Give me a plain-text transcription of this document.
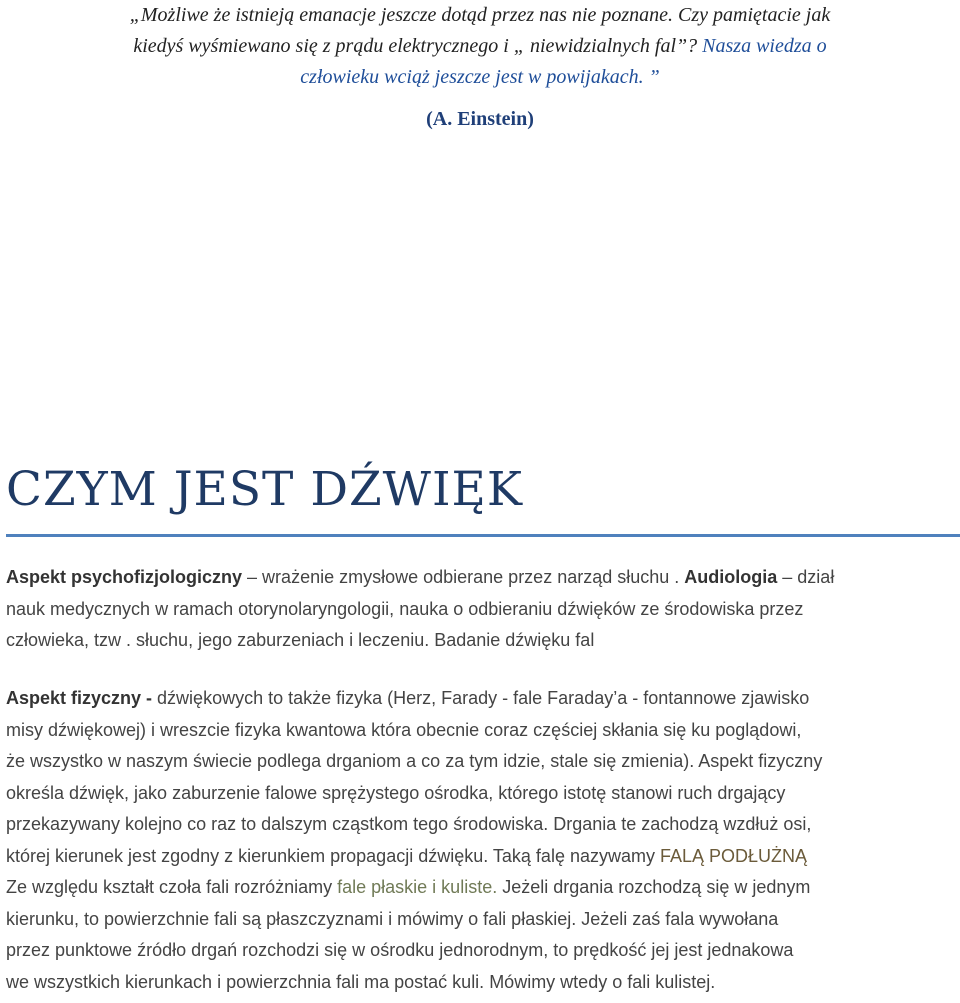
„Możliwe że istnieją emanacje jeszcze dotąd przez nas nie poznane. Czy pamiętacie jak
kiedyś wyśmiewano się z prądu elektrycznego i „ niewidzialnych fal”? Nasza wiedza o
człowieku wciąż jeszcze jest w powijakach. ”
(A. Einstein)
CZYM JEST DŹWIĘK
Aspekt psychofizjologiczny – wrażenie zmysłowe odbierane przez narząd słuchu . Audiologia – dział
nauk medycznych w ramach otorynolaryngologii, nauka o odbieraniu dźwięków ze środowiska przez
człowieka, tzw . słuchu, jego zaburzeniach i leczeniu. Badanie dźwięku fal
Aspekt fizyczny - dźwiękowych to także fizyka (Herz, Farady - fale Faraday’a - fontannowe zjawisko
misy dźwiękowej) i wreszcie fizyka kwantowa która obecnie coraz częściej skłania się ku poglądowi,
że wszystko w naszym świecie podlega drganiom a co za tym idzie, stale się zmienia). Aspekt fizyczny
określa dźwięk, jako zaburzenie falowe sprężystego ośrodka, którego istotę stanowi ruch drgający
przekazywany kolejno co raz to dalszym cząstkom tego środowiska. Drgania te zachodzą wzdłuż osi,
której kierunek jest zgodny z kierunkiem propagacji dźwięku. Taką falę nazywamy FALĄ PODŁUŻNĄ
Ze względu kształt czoła fali rozróżniamy fale płaskie i kuliste. Jeżeli drgania rozchodzą się w jednym
kierunku, to powierzchnie fali są płaszczyznami i mówimy o fali płaskiej. Jeżeli zaś fala wywołana
przez punktowe źródło drgań rozchodzi się w ośrodku jednorodnym, to prędkość jej jest jednakowa
we wszystkich kierunkach i powierzchnia fali ma postać kuli. Mówimy wtedy o fali kulistej.
